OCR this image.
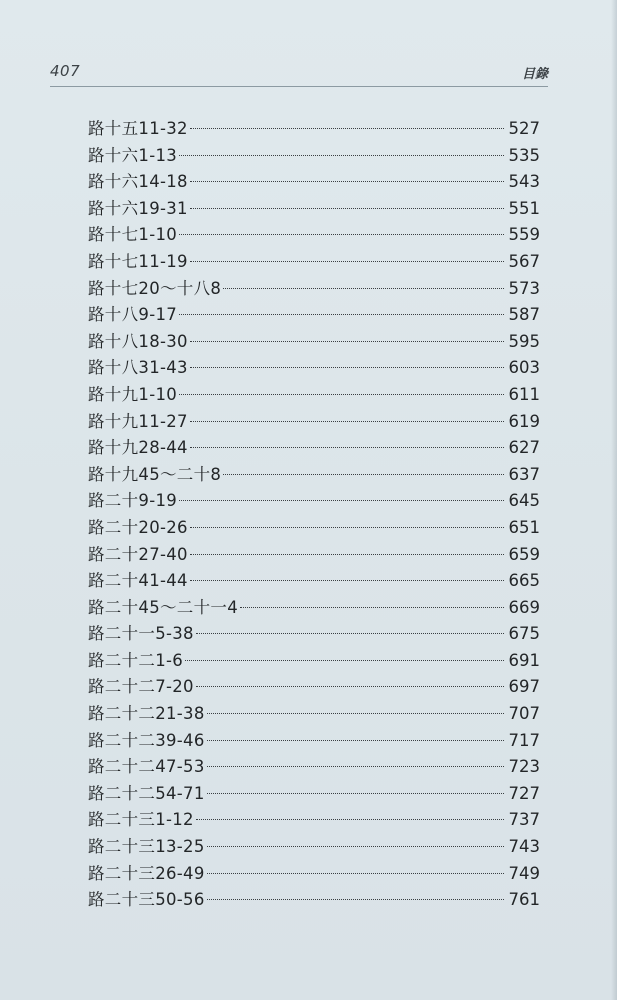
407	目錄
路十五11-32	527
路十六1-13	535
路十六14-18	543
路十六19-31	551
路十七1-10	559
路十七11-19	567
路十七20～十八8	573
路十八9-17	587
路十八18-30	595
路十八31-43	603
路十九1-10	611
路十九11-27	619
路十九28-44	627
路十九45～二十8	637
路二十9-19	645
路二十20-26	651
路二十27-40	659
路二十41-44	665
路二十45～二十一4	669
路二十一5-38	675
路二十二1-6	691
路二十二7-20	697
路二十二21-38	707
路二十二39-46	717
路二十二47-53	723
路二十二54-71	727
路二十三1-12	737
路二十三13-25	743
路二十三26-49	749
路二十三50-56	761
